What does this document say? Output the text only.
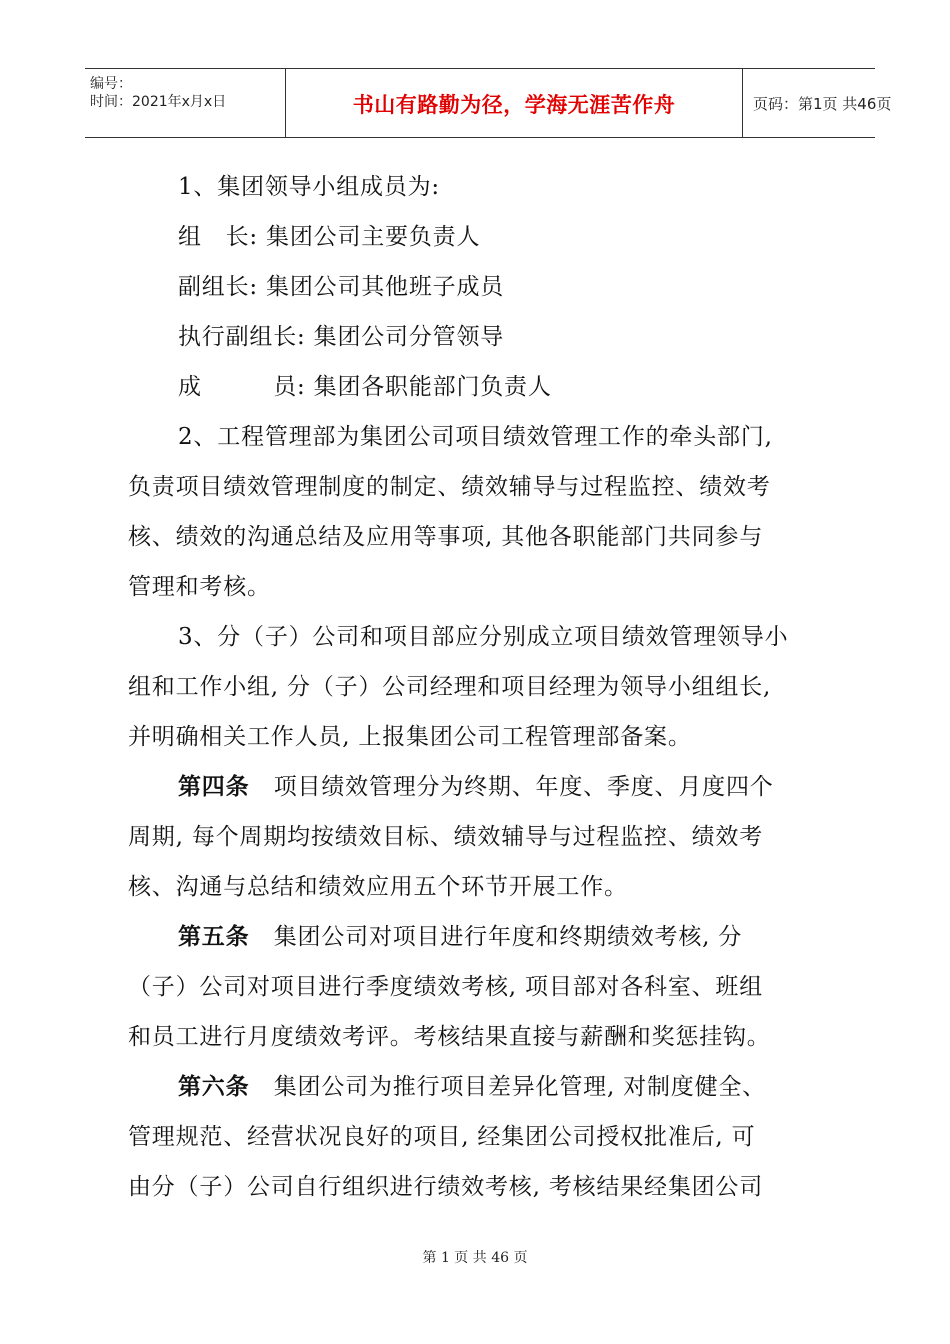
编号：
时间：2021年x月x日	书山有路勤为径，学海无涯苦作舟	页码：第1页 共46页
1、集团领导小组成员为:
组　长: 集团公司主要负责人
副组长: 集团公司其他班子成员
执行副组长: 集团公司分管领导
成　　　员: 集团各职能部门负责人
2、工程管理部为集团公司项目绩效管理工作的牵头部门,
负责项目绩效管理制度的制定、绩效辅导与过程监控、绩效考
核、绩效的沟通总结及应用等事项, 其他各职能部门共同参与
管理和考核。
3、分（子）公司和项目部应分别成立项目绩效管理领导小
组和工作小组, 分（子）公司经理和项目经理为领导小组组长,
并明确相关工作人员, 上报集团公司工程管理部备案。
第四条 项目绩效管理分为终期、年度、季度、月度四个
周期, 每个周期均按绩效目标、绩效辅导与过程监控、绩效考
核、沟通与总结和绩效应用五个环节开展工作。
第五条 集团公司对项目进行年度和终期绩效考核, 分
（子）公司对项目进行季度绩效考核, 项目部对各科室、班组
和员工进行月度绩效考评。考核结果直接与薪酬和奖惩挂钩。
第六条 集团公司为推行项目差异化管理, 对制度健全、
管理规范、经营状况良好的项目, 经集团公司授权批准后, 可
由分（子）公司自行组织进行绩效考核, 考核结果经集团公司
第 1 页 共 46 页
